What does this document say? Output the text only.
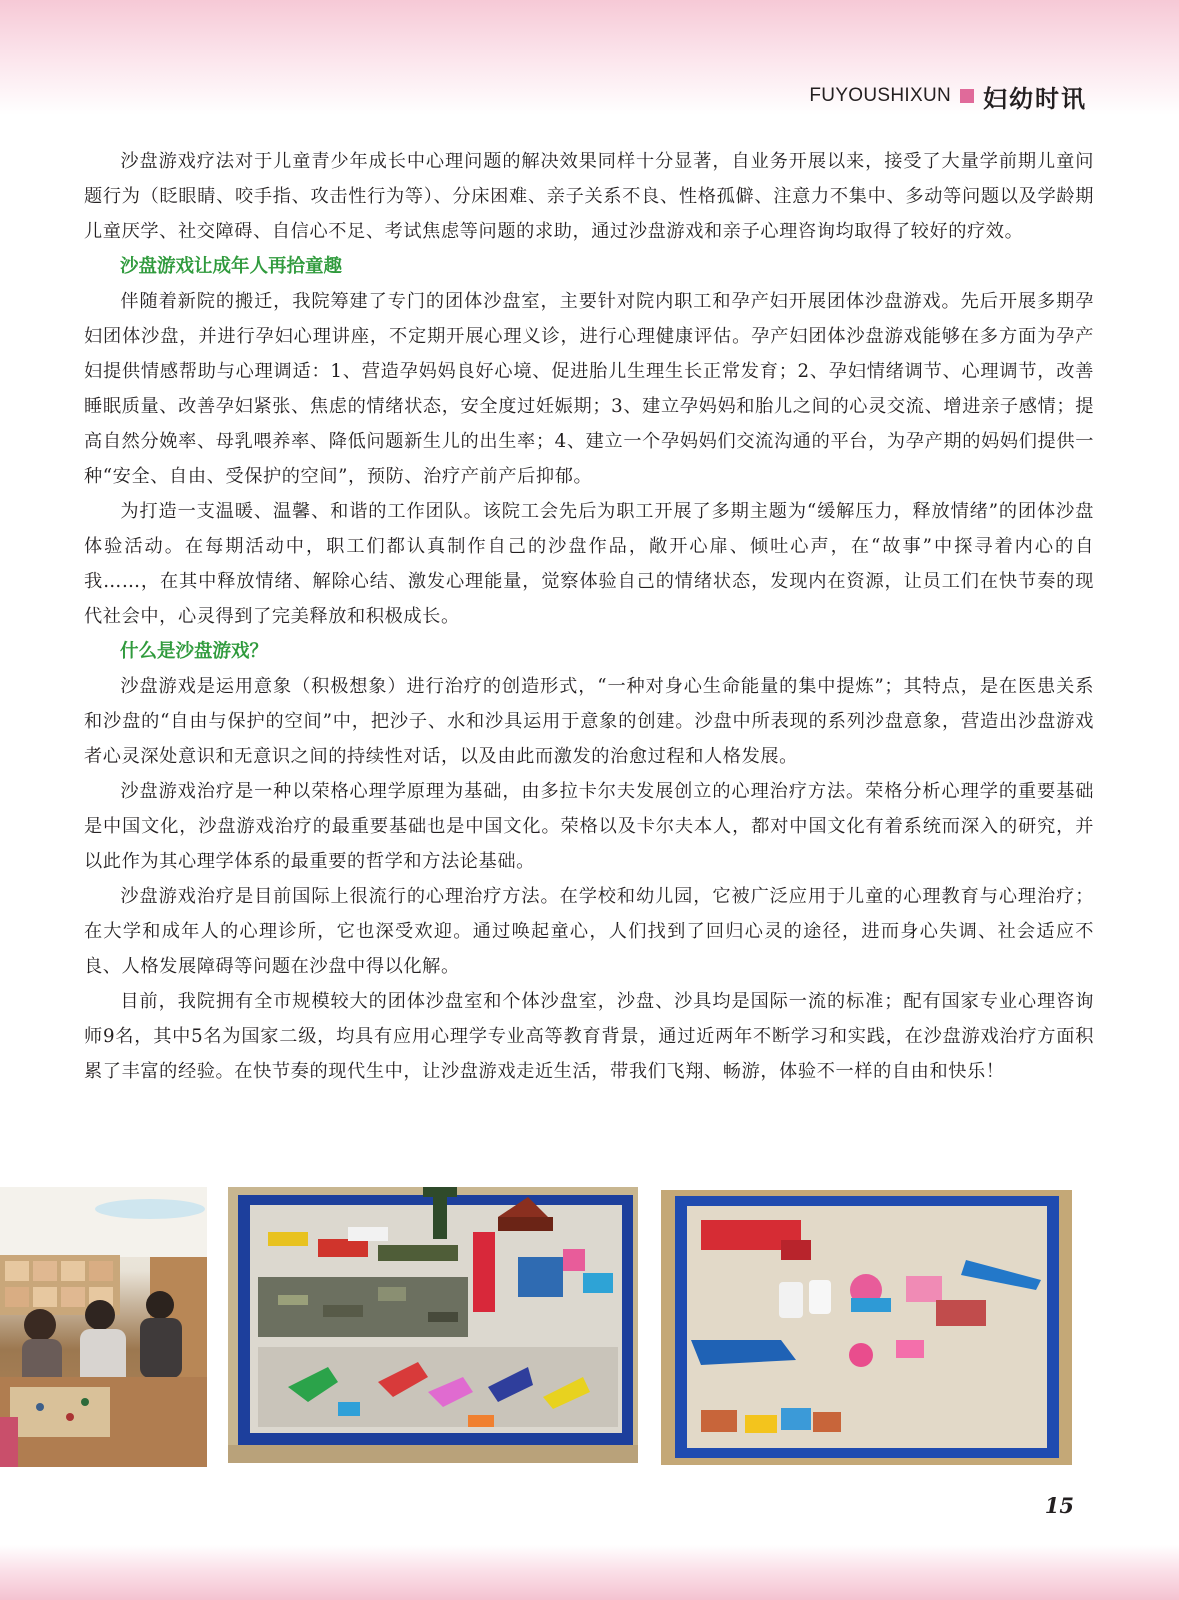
FUYOUSHIXUN 妇幼时讯

沙盘游戏疗法对于儿童青少年成长中心理问题的解决效果同样十分显著，自业务开展以来，接受了大量学前期儿童问题行为（眨眼睛、咬手指、攻击性行为等）、分床困难、亲子关系不良、性格孤僻、注意力不集中、多动等问题以及学龄期儿童厌学、社交障碍、自信心不足、考试焦虑等问题的求助，通过沙盘游戏和亲子心理咨询均取得了较好的疗效。

沙盘游戏让成年人再拾童趣

伴随着新院的搬迁，我院筹建了专门的团体沙盘室，主要针对院内职工和孕产妇开展团体沙盘游戏。先后开展多期孕妇团体沙盘，并进行孕妇心理讲座，不定期开展心理义诊，进行心理健康评估。孕产妇团体沙盘游戏能够在多方面为孕产妇提供情感帮助与心理调适：1、营造孕妈妈良好心境、促进胎儿生理生长正常发育；2、孕妇情绪调节、心理调节，改善睡眠质量、改善孕妇紧张、焦虑的情绪状态，安全度过妊娠期；3、建立孕妈妈和胎儿之间的心灵交流、增进亲子感情；提高自然分娩率、母乳喂养率、降低问题新生儿的出生率；4、建立一个孕妈妈们交流沟通的平台，为孕产期的妈妈们提供一种“安全、自由、受保护的空间”，预防、治疗产前产后抑郁。

为打造一支温暖、温馨、和谐的工作团队。该院工会先后为职工开展了多期主题为“缓解压力，释放情绪”的团体沙盘体验活动。在每期活动中，职工们都认真制作自己的沙盘作品，敞开心扉、倾吐心声，在“故事”中探寻着内心的自我……，在其中释放情绪、解除心结、激发心理能量，觉察体验自己的情绪状态，发现内在资源，让员工们在快节奏的现代社会中，心灵得到了完美释放和积极成长。

什么是沙盘游戏？

沙盘游戏是运用意象（积极想象）进行治疗的创造形式，“一种对身心生命能量的集中提炼”；其特点，是在医患关系和沙盘的“自由与保护的空间”中，把沙子、水和沙具运用于意象的创建。沙盘中所表现的系列沙盘意象，营造出沙盘游戏者心灵深处意识和无意识之间的持续性对话，以及由此而激发的治愈过程和人格发展。

沙盘游戏治疗是一种以荣格心理学原理为基础，由多拉卡尔夫发展创立的心理治疗方法。荣格分析心理学的重要基础是中国文化，沙盘游戏治疗的最重要基础也是中国文化。荣格以及卡尔夫本人，都对中国文化有着系统而深入的研究，并以此作为其心理学体系的最重要的哲学和方法论基础。

沙盘游戏治疗是目前国际上很流行的心理治疗方法。在学校和幼儿园，它被广泛应用于儿童的心理教育与心理治疗；在大学和成年人的心理诊所，它也深受欢迎。通过唤起童心，人们找到了回归心灵的途径，进而身心失调、社会适应不良、人格发展障碍等问题在沙盘中得以化解。

目前，我院拥有全市规模较大的团体沙盘室和个体沙盘室，沙盘、沙具均是国际一流的标准；配有国家专业心理咨询师9名，其中5名为国家二级，均具有应用心理学专业高等教育背景，通过近两年不断学习和实践，在沙盘游戏治疗方面积累了丰富的经验。在快节奏的现代生中，让沙盘游戏走近生活，带我们飞翔、畅游，体验不一样的自由和快乐！

15
